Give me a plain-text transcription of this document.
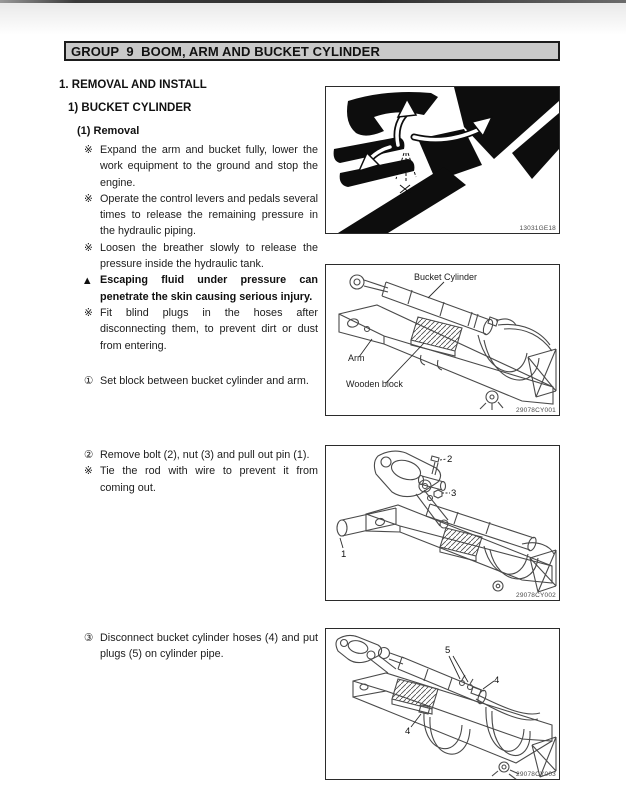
GROUP  9  BOOM, ARM AND BUCKET CYLINDER
1. REMOVAL AND INSTALL
1) BUCKET CYLINDER
(1) Removal
※ Expand the arm and bucket fully, lower the work equipment to the ground and stop the engine.
※ Operate the control levers and pedals several times to release the remaining pressure in the hydraulic piping.
※ Loosen the breather slowly to release the pressure inside the hydraulic tank.
▲ Escaping fluid under pressure can penetrate the skin causing serious injury.
※ Fit blind plugs in the hoses after disconnecting them, to prevent dirt or dust from entering.
① Set block between bucket cylinder and arm.
② Remove bolt (2), nut (3) and pull out pin (1).
※ Tie the rod with wire to prevent it from coming out.
③ Disconnect bucket cylinder hoses (4) and put plugs (5) on cylinder pipe.
13031GE18
Bucket Cylinder
Arm
Wooden block
29078CY001
2
3
1
29078CY002
5
4
4
29078CY003
